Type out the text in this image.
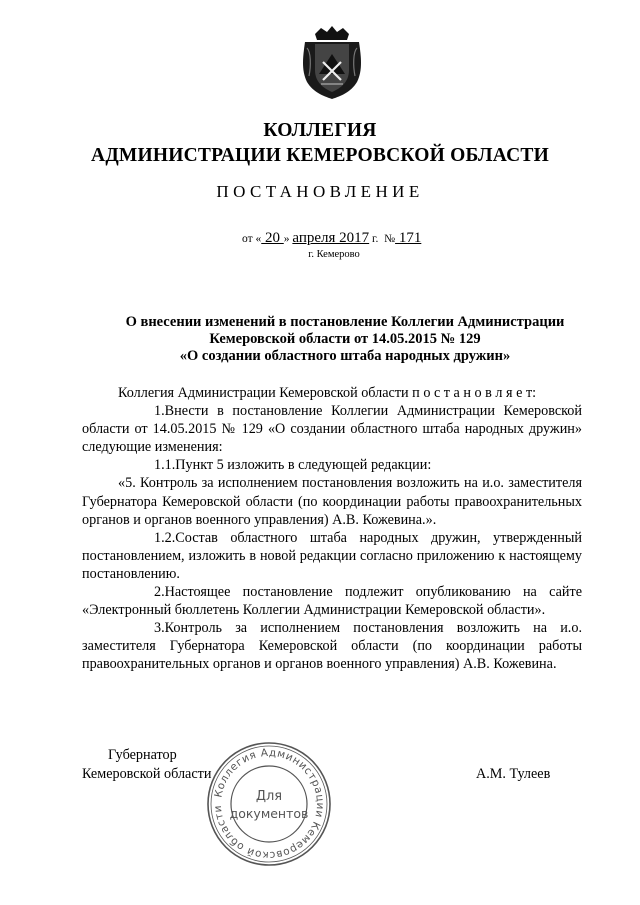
КОЛЛЕГИЯ
АДМИНИСТРАЦИИ КЕМЕРОВСКОЙ ОБЛАСТИ
ПОСТАНОВЛЕНИЕ
от « 20 » апреля 2017 г. № 171
г. Кемерово
О внесении изменений в постановление Коллегии Администрации
Кемеровской области от 14.05.2015 № 129
«О создании областного штаба народных дружин»

Коллегия Администрации Кемеровской области п о с т а н о в л я е т:

1.Внести в постановление Коллегии Администрации Кемеровской области от 14.05.2015 № 129 «О создании областного штаба народных дружин» следующие изменения:

1.1.Пункт 5 изложить в следующей редакции:

«5. Контроль за исполнением постановления возложить на и.о. заместителя Губернатора Кемеровской области (по координации работы правоохранительных органов и органов военного управления) А.В. Кожевина.».

1.2.Состав областного штаба народных дружин, утвержденный постановлением, изложить в новой редакции согласно приложению к настоящему постановлению.

2.Настоящее постановление подлежит опубликованию на сайте «Электронный бюллетень Коллегии Администрации Кемеровской области».

3.Контроль за исполнением постановления возложить на и.о. заместителя Губернатора Кемеровской области (по координации работы правоохранительных органов и органов военного управления) А.В. Кожевина.

Губернатор
Кемеровской области	А.М. Тулеев
Коллегия Администрации Кемеровской области
Для
документов
